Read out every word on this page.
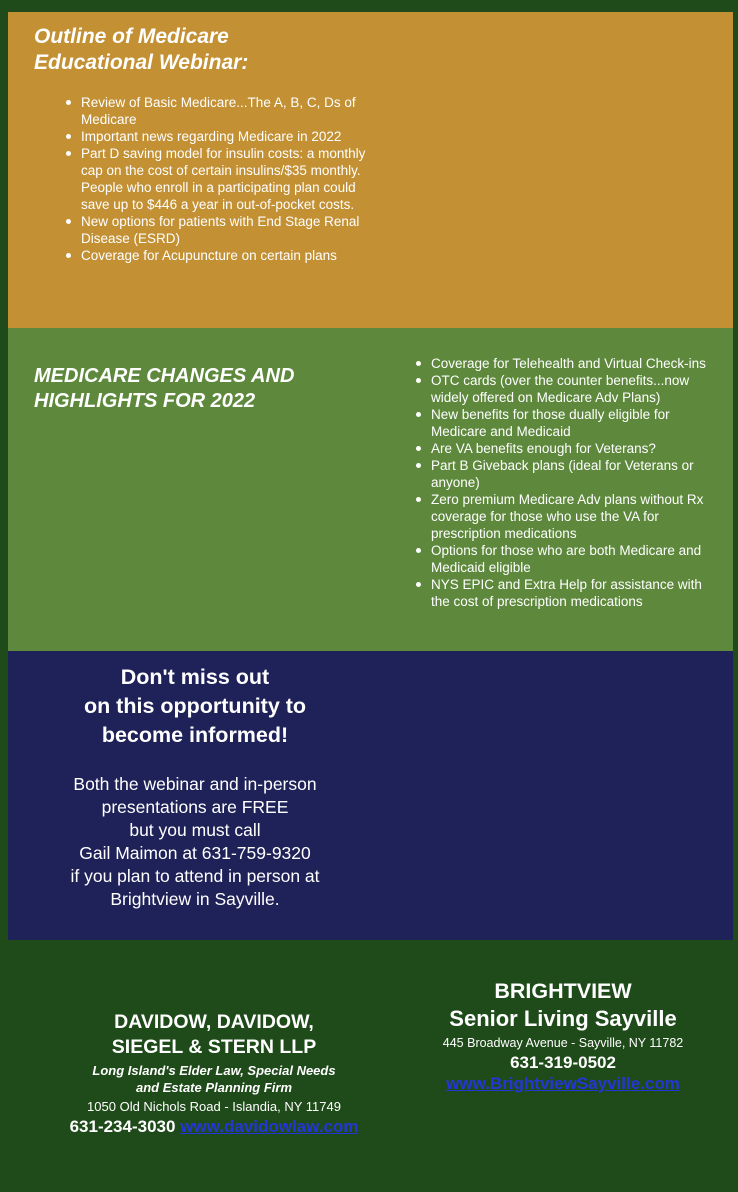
Outline of Medicare
Educational Webinar:
Review of Basic Medicare...The A, B, C, Ds of Medicare
Important news regarding Medicare in 2022
Part D saving model for insulin costs: a monthly cap on the cost of certain insulins/$35 monthly. People who enroll in a participating plan could save up to $446 a year in out-of-pocket costs.
New options for patients with End Stage Renal Disease (ESRD)
Coverage for Acupuncture on certain plans
MEDICARE CHANGES AND
HIGHLIGHTS FOR 2022
Coverage for Telehealth and Virtual Check-ins
OTC cards (over the counter benefits...now widely offered on Medicare Adv Plans)
New benefits for those dually eligible for Medicare and Medicaid
Are VA benefits enough for Veterans?
Part B Giveback plans (ideal for Veterans or anyone)
Zero premium Medicare Adv plans without Rx coverage for those who use the VA for prescription medications
Options for those who are both Medicare and Medicaid eligible
NYS EPIC and Extra Help for assistance with the cost of prescription medications
Don't miss out
on this opportunity to
become informed!
Both the webinar and in-person
presentations are FREE
but you must call
Gail Maimon at 631-759-9320
if you plan to attend in person at
Brightview in Sayville.
DAVIDOW, DAVIDOW,
SIEGEL & STERN LLP
Long Island's Elder Law, Special Needs
and Estate Planning Firm
1050 Old Nichols Road - Islandia, NY 11749
631-234-3030 www.davidowlaw.com
BRIGHTVIEW
Senior Living Sayville
445 Broadway Avenue - Sayville, NY 11782
631-319-0502
www.BrightviewSayville.com
